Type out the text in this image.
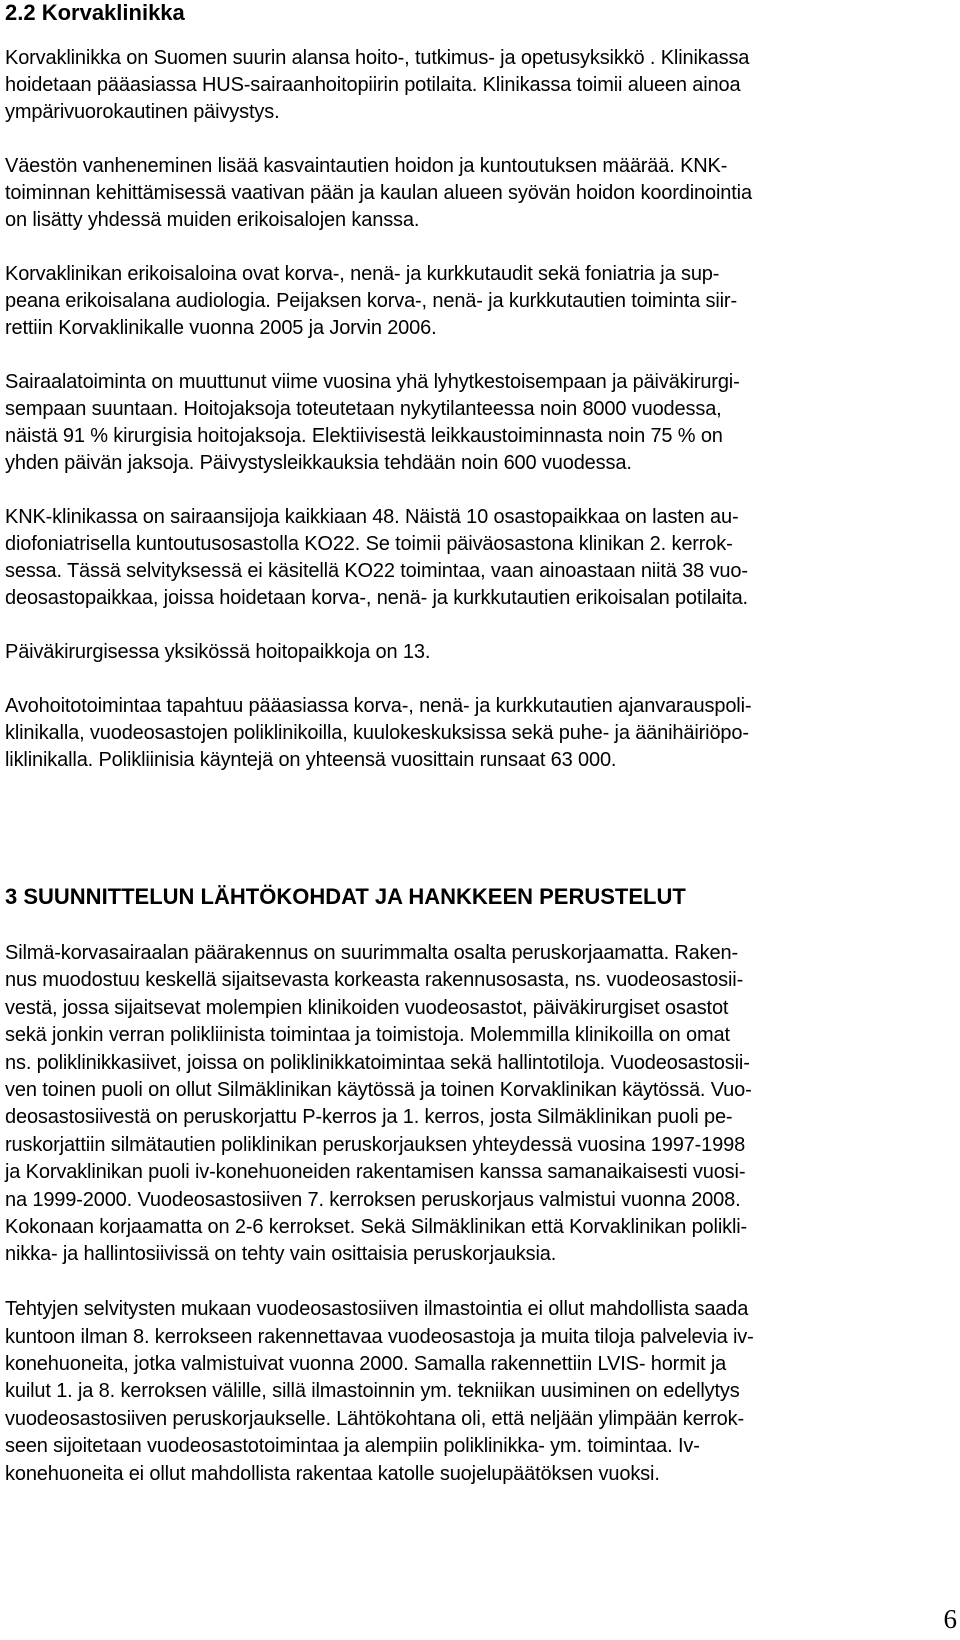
2.2 Korvaklinikka

Korvaklinikka on Suomen suurin alansa hoito-, tutkimus- ja opetusyksikkö . Klinikassa
hoidetaan pääasiassa HUS-sairaanhoitopiirin potilaita. Klinikassa toimii alueen ainoa
ympärivuorokautinen päivystys.

Väestön vanheneminen lisää kasvaintautien hoidon ja kuntoutuksen määrää. KNK-
toiminnan kehittämisessä vaativan pään ja kaulan alueen syövän hoidon koordinointia
on lisätty yhdessä muiden erikoisalojen kanssa.

Korvaklinikan erikoisaloina ovat korva-, nenä- ja kurkkutaudit sekä foniatria ja sup-
peana erikoisalana audiologia. Peijaksen korva-, nenä- ja kurkkutautien toiminta siir-
rettiin Korvaklinikalle vuonna 2005 ja Jorvin 2006.

Sairaalatoiminta on muuttunut viime vuosina yhä lyhytkestoisempaan ja päiväkirurgi-
sempaan suuntaan. Hoitojaksoja toteutetaan nykytilanteessa noin 8000 vuodessa,
näistä 91 % kirurgisia hoitojaksoja. Elektiivisestä leikkaustoiminnasta noin 75 % on
yhden päivän jaksoja. Päivystysleikkauksia tehdään noin 600 vuodessa.

KNK-klinikassa on sairaansijoja kaikkiaan 48. Näistä 10 osastopaikkaa on lasten au-
diofoniatrisella kuntoutusosastolla KO22. Se toimii päiväosastona klinikan 2. kerrok-
sessa. Tässä selvityksessä ei käsitellä KO22 toimintaa, vaan ainoastaan niitä 38 vuo-
deosastopaikkaa, joissa hoidetaan korva-, nenä- ja kurkkutautien erikoisalan potilaita.

Päiväkirurgisessa yksikössä hoitopaikkoja on 13.

Avohoitotoimintaa tapahtuu pääasiassa korva-, nenä- ja kurkkutautien ajanvarauspoli-
klinikalla, vuodeosastojen poliklinikoilla, kuulokeskuksissa sekä puhe- ja äänihäiriöpo-
liklinikalla. Polikliinisia käyntejä on yhteensä vuosittain runsaat 63 000.

3 SUUNNITTELUN LÄHTÖKOHDAT JA HANKKEEN PERUSTELUT

Silmä-korvasairaalan päärakennus on suurimmalta osalta peruskorjaamatta. Raken-
nus muodostuu keskellä sijaitsevasta korkeasta rakennusosasta, ns. vuodeosastosii-
vestä, jossa sijaitsevat molempien klinikoiden vuodeosastot, päiväkirurgiset osastot
sekä jonkin verran polikliinista toimintaa ja toimistoja. Molemmilla klinikoilla on omat
ns. poliklinikkasiivet, joissa on poliklinikkatoimintaa sekä hallintotiloja. Vuodeosastosii-
ven toinen puoli on ollut Silmäklinikan käytössä ja toinen Korvaklinikan käytössä. Vuo-
deosastosiivestä on peruskorjattu P-kerros ja 1. kerros, josta Silmäklinikan puoli pe-
ruskorjattiin silmätautien poliklinikan peruskorjauksen yhteydessä vuosina 1997-1998
ja Korvaklinikan puoli iv-konehuoneiden rakentamisen kanssa samanaikaisesti vuosi-
na 1999-2000. Vuodeosastosiiven 7. kerroksen peruskorjaus valmistui vuonna 2008.
Kokonaan korjaamatta on 2-6 kerrokset. Sekä Silmäklinikan että Korvaklinikan polikli-
nikka- ja hallintosiivissä on tehty vain osittaisia peruskorjauksia.

Tehtyjen selvitysten mukaan vuodeosastosiiven ilmastointia ei ollut mahdollista saada
kuntoon ilman 8. kerrokseen rakennettavaa vuodeosastoja ja muita tiloja palvelevia iv-
konehuoneita, jotka valmistuivat vuonna 2000. Samalla rakennettiin LVIS- hormit ja
kuilut 1. ja 8. kerroksen välille, sillä ilmastoinnin ym. tekniikan uusiminen on edellytys
vuodeosastosiiven peruskorjaukselle. Lähtökohtana oli, että neljään ylimpään kerrok-
seen sijoitetaan vuodeosastotoimintaa ja alempiin poliklinikka- ym. toimintaa. Iv-
konehuoneita ei ollut mahdollista rakentaa katolle suojelupäätöksen vuoksi.

6
